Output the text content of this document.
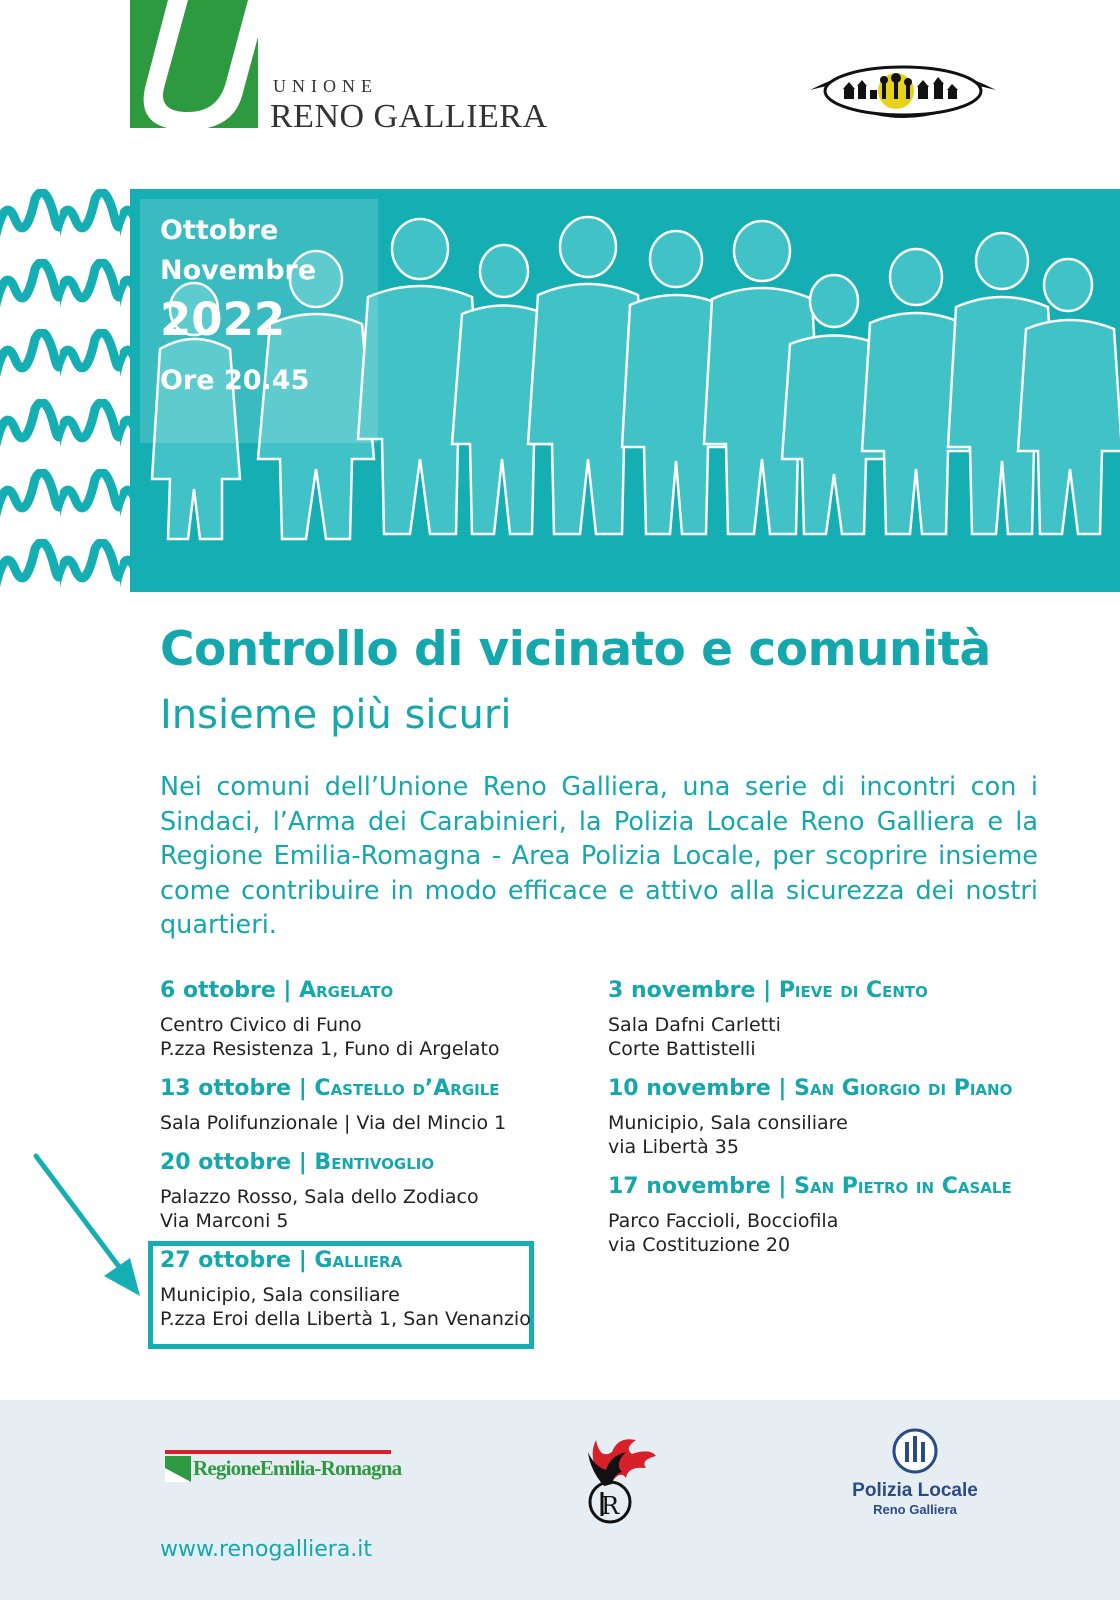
UNIONE
RENO GALLIERA
Ottobre
Novembre
2022
Ore 20.45
Controllo di vicinato e comunità
Insieme più sicuri
Nei comuni dell’Unione Reno Galliera, una serie di incontri con i Sindaci, l’Arma dei Carabinieri, la Polizia Locale Reno Galliera e la Regione Emilia-Romagna - Area Polizia Locale, per scoprire insieme come contribuire in modo efficace e attivo alla sicurezza dei nostri quartieri.
6 ottobre | Argelato
Centro Civico di Funo
P.zza Resistenza 1, Funo di Argelato
13 ottobre | Castello d’Argile
Sala Polifunzionale | Via del Mincio 1
20 ottobre | Bentivoglio
Palazzo Rosso, Sala dello Zodiaco
Via Marconi 5
27 ottobre | Galliera
Municipio, Sala consiliare
P.zza Eroi della Libertà 1, San Venanzio
3 novembre | Pieve di Cento
Sala Dafni Carletti
Corte Battistelli
10 novembre | San Giorgio di Piano
Municipio, Sala consiliare
via Libertà 35
17 novembre | San Pietro in Casale
Parco Faccioli, Bocciofila
via Costituzione 20
RegioneEmilia-Romagna
R
Polizia Locale
Reno Galliera
www.renogalliera.it
